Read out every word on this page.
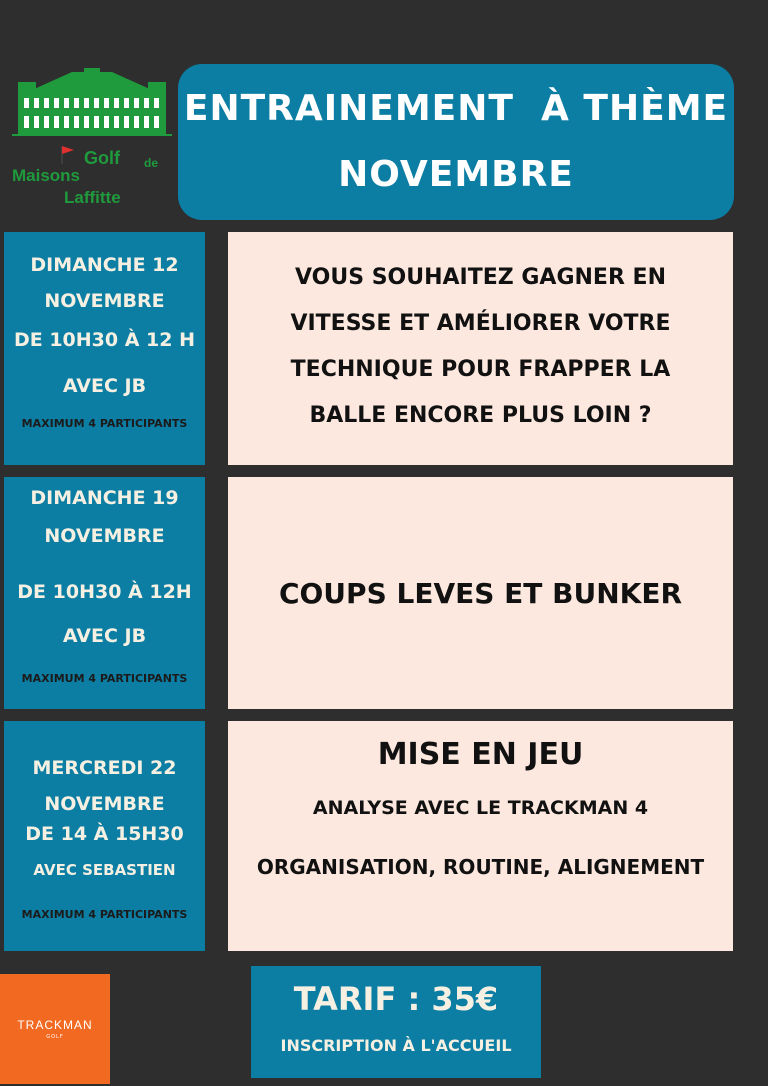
Golf de
Maisons
Laffitte
ENTRAINEMENT  À THÈME
NOVEMBRE
DIMANCHE 12
NOVEMBRE
DE 10H30 À 12 H
AVEC JB
MAXIMUM 4 PARTICIPANTS
VOUS SOUHAITEZ GAGNER EN
VITESSE ET AMÉLIORER VOTRE
TECHNIQUE POUR FRAPPER LA
BALLE ENCORE PLUS LOIN ?
DIMANCHE 19
NOVEMBRE
DE 10H30 À 12H
AVEC JB
MAXIMUM 4 PARTICIPANTS
COUPS LEVES ET BUNKER
MERCREDI 22
NOVEMBRE
DE 14 À 15H30
AVEC SEBASTIEN
MAXIMUM 4 PARTICIPANTS
MISE EN JEU
ANALYSE AVEC LE TRACKMAN 4
ORGANISATION, ROUTINE, ALIGNEMENT
TRACKMAN
GOLF
TARIF : 35€
INSCRIPTION À L'ACCUEIL
